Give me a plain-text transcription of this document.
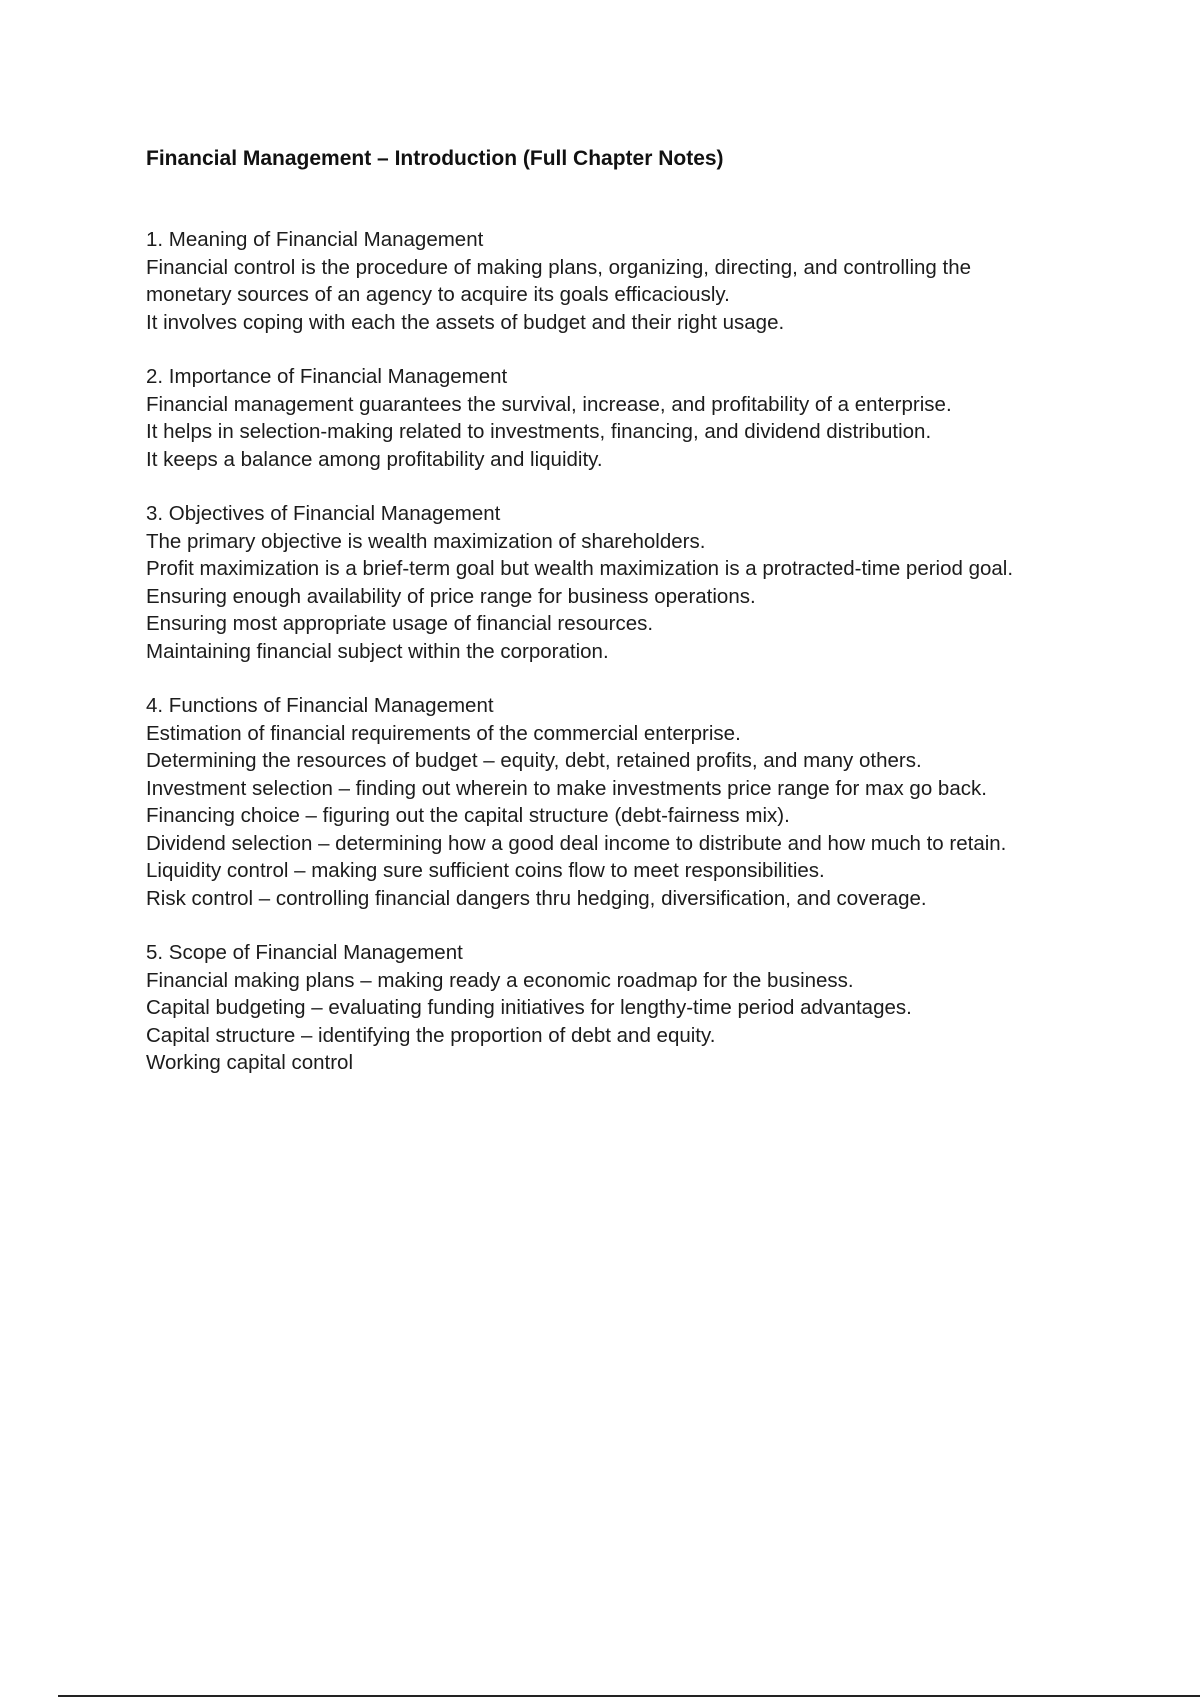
Financial Management – Introduction (Full Chapter Notes)
1. Meaning of Financial Management
Financial control is the procedure of making plans, organizing, directing, and controlling the
monetary sources of an agency to acquire its goals efficaciously.
It involves coping with each the assets of budget and their right usage.
2. Importance of Financial Management
Financial management guarantees the survival, increase, and profitability of a enterprise.
It helps in selection-making related to investments, financing, and dividend distribution.
It keeps a balance among profitability and liquidity.
3. Objectives of Financial Management
The primary objective is wealth maximization of shareholders.
Profit maximization is a brief-term goal but wealth maximization is a protracted-time period goal.
Ensuring enough availability of price range for business operations.
Ensuring most appropriate usage of financial resources.
Maintaining financial subject within the corporation.
4. Functions of Financial Management
Estimation of financial requirements of the commercial enterprise.
Determining the resources of budget – equity, debt, retained profits, and many others.
Investment selection – finding out wherein to make investments price range for max go back.
Financing choice – figuring out the capital structure (debt-fairness mix).
Dividend selection – determining how a good deal income to distribute and how much to retain.
Liquidity control – making sure sufficient coins flow to meet responsibilities.
Risk control – controlling financial dangers thru hedging, diversification, and coverage.
5. Scope of Financial Management
Financial making plans – making ready a economic roadmap for the business.
Capital budgeting – evaluating funding initiatives for lengthy-time period advantages.
Capital structure – identifying the proportion of debt and equity.
Working capital control
